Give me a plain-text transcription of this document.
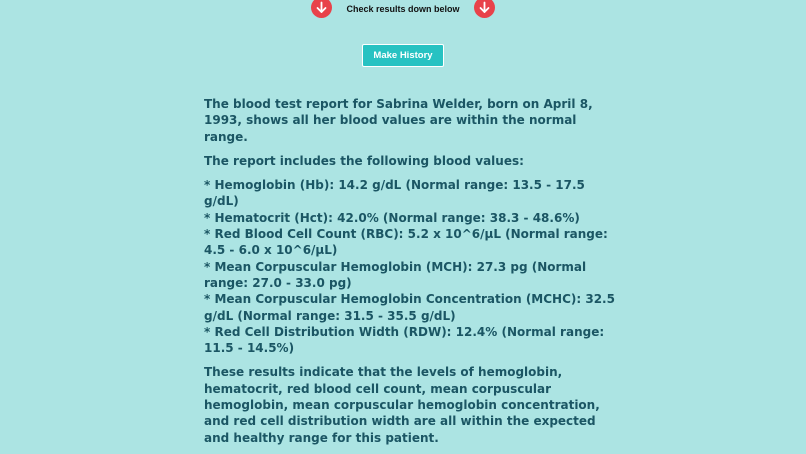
Check results down below
Make History

The blood test report for Sabrina Welder, born on April 8, 1993, shows all her blood values are within the normal range.

The report includes the following blood values:

* Hemoglobin (Hb): 14.2 g/dL (Normal range: 13.5 - 17.5 g/dL)
* Hematocrit (Hct): 42.0% (Normal range: 38.3 - 48.6%)
* Red Blood Cell Count (RBC): 5.2 x 10^6/µL (Normal range: 4.5 - 6.0 x 10^6/µL)
* Mean Corpuscular Hemoglobin (MCH): 27.3 pg (Normal range: 27.0 - 33.0 pg)
* Mean Corpuscular Hemoglobin Concentration (MCHC): 32.5 g/dL (Normal range: 31.5 - 35.5 g/dL)
* Red Cell Distribution Width (RDW): 12.4% (Normal range: 11.5 - 14.5%)

These results indicate that the levels of hemoglobin, hematocrit, red blood cell count, mean corpuscular hemoglobin, mean corpuscular hemoglobin concentration, and red cell distribution width are all within the expected and healthy range for this patient.
